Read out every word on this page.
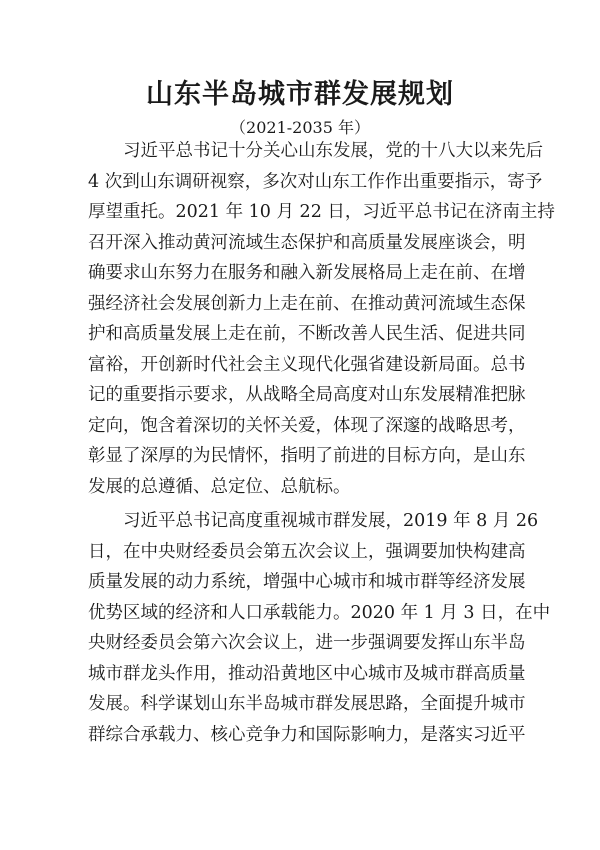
山东半岛城市群发展规划
（2021-2035 年）
　　习近平总书记十分关心山东发展，党的十八大以来先后
4 次到山东调研视察，多次对山东工作作出重要指示，寄予
厚望重托。2021 年 10 月 22 日，习近平总书记在济南主持
召开深入推动黄河流域生态保护和高质量发展座谈会，明
确要求山东努力在服务和融入新发展格局上走在前、在增
强经济社会发展创新力上走在前、在推动黄河流域生态保
护和高质量发展上走在前，不断改善人民生活、促进共同
富裕，开创新时代社会主义现代化强省建设新局面。总书
记的重要指示要求，从战略全局高度对山东发展精准把脉
定向，饱含着深切的关怀关爱，体现了深邃的战略思考，
彰显了深厚的为民情怀，指明了前进的目标方向，是山东
发展的总遵循、总定位、总航标。
　　习近平总书记高度重视城市群发展，2019 年 8 月 26
日，在中央财经委员会第五次会议上，强调要加快构建高
质量发展的动力系统，增强中心城市和城市群等经济发展
优势区域的经济和人口承载能力。2020 年 1 月 3 日，在中
央财经委员会第六次会议上，进一步强调要发挥山东半岛
城市群龙头作用，推动沿黄地区中心城市及城市群高质量
发展。科学谋划山东半岛城市群发展思路，全面提升城市
群综合承载力、核心竞争力和国际影响力，是落实习近平
